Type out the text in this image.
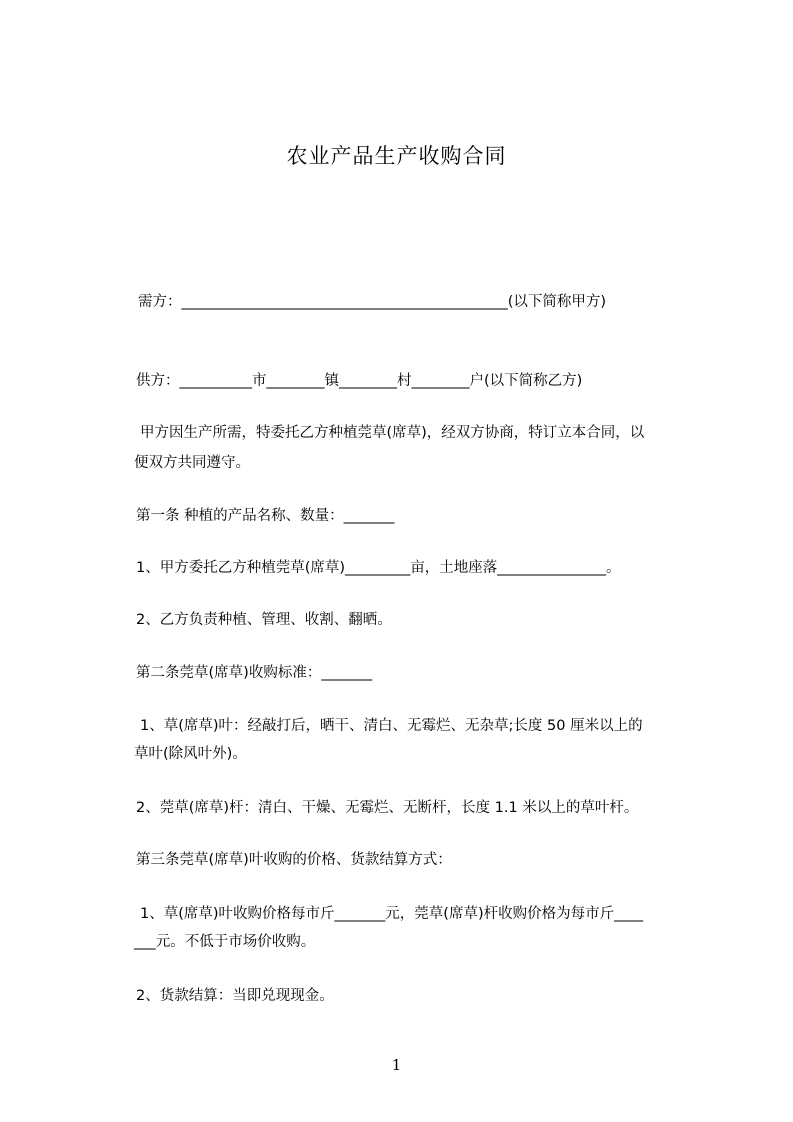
农业产品生产收购合同
需方：_____________________________________________(以下简称甲方)
供方：__________市________镇________村________户(以下简称乙方)
甲方因生产所需，特委托乙方种植莞草(席草)，经双方协商，特订立本合同，以
便双方共同遵守。
第一条 种植的产品名称、数量：_______
1、甲方委托乙方种植莞草(席草)_________亩，土地座落_______________。
2、乙方负责种植、管理、收割、翻晒。
第二条莞草(席草)收购标准：_______
1、草(席草)叶：经敲打后，晒干、清白、无霉烂、无杂草;长度 50 厘米以上的
草叶(除风叶外)。
2、莞草(席草)杆：清白、干燥、无霉烂、无断杆，长度 1.1 米以上的草叶杆。
第三条莞草(席草)叶收购的价格、货款结算方式：
1、草(席草)叶收购价格每市斤_______元，莞草(席草)杆收购价格为每市斤____
___元。不低于市场价收购。
2、货款结算：当即兑现现金。
1
